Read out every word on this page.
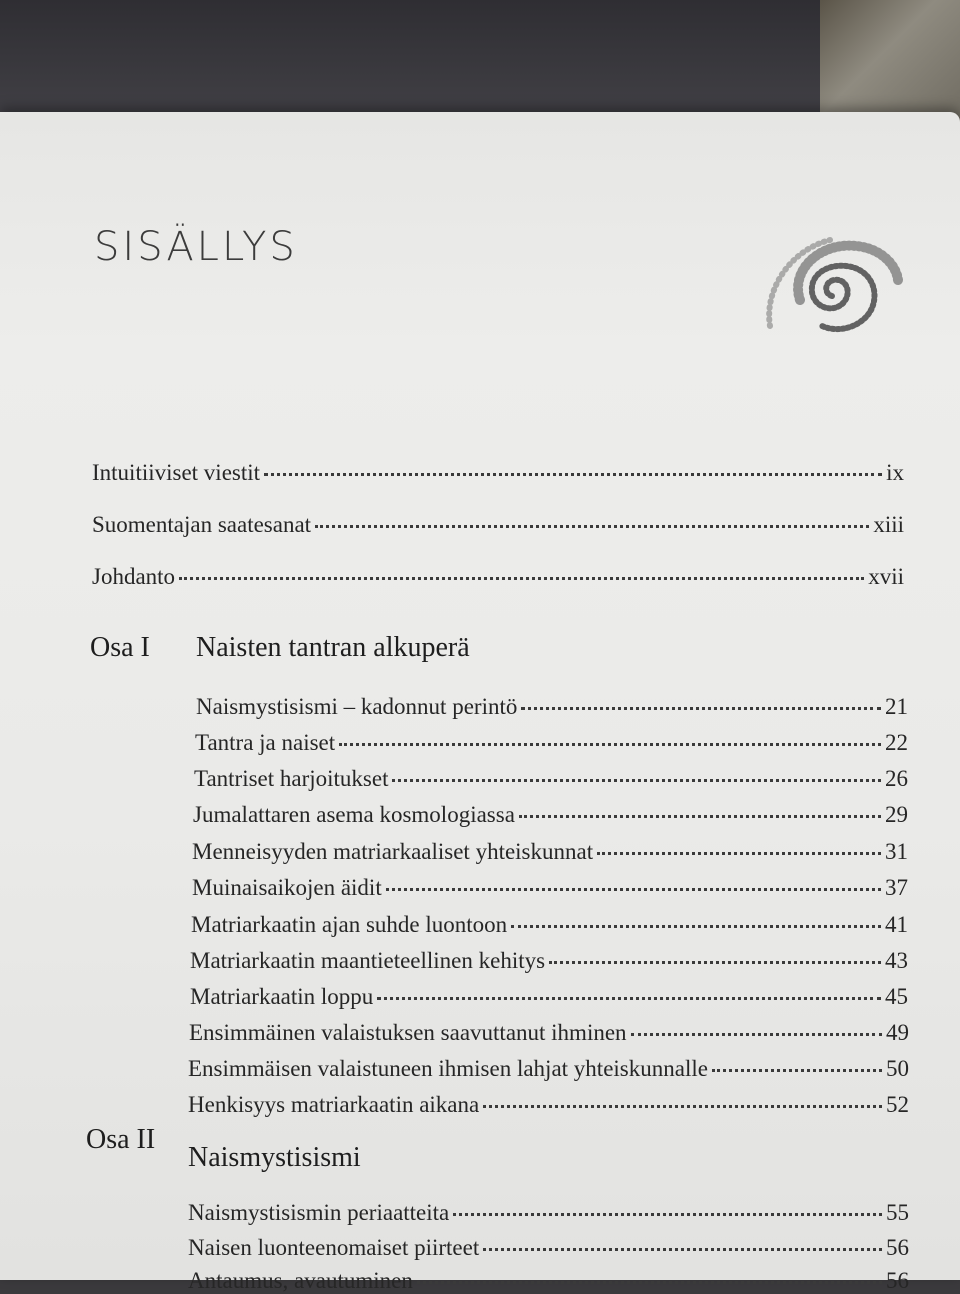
SISÄLLYS
Intuitiiviset viestit	ix
Suomentajan saatesanat	xiii
Johdanto	xvii
Osa I Naisten tantran alkuperä
Naismystisismi – kadonnut perintö	21
Tantra ja naiset	22
Tantriset harjoitukset	26
Jumalattaren asema kosmologiassa	29
Menneisyyden matriarkaaliset yhteiskunnat	31
Muinaisaikojen äidit	37
Matriarkaatin ajan suhde luontoon	41
Matriarkaatin maantieteellinen kehitys	43
Matriarkaatin loppu	45
Ensimmäinen valaistuksen saavuttanut ihminen	49
Ensimmäisen valaistuneen ihmisen lahjat yhteiskunnalle	50
Henkisyys matriarkaatin aikana	52
Osa II
Naismystisismi
Naismystisismin periaatteita	55
Naisen luonteenomaiset piirteet	56
Antaumus, avautuminen	56
